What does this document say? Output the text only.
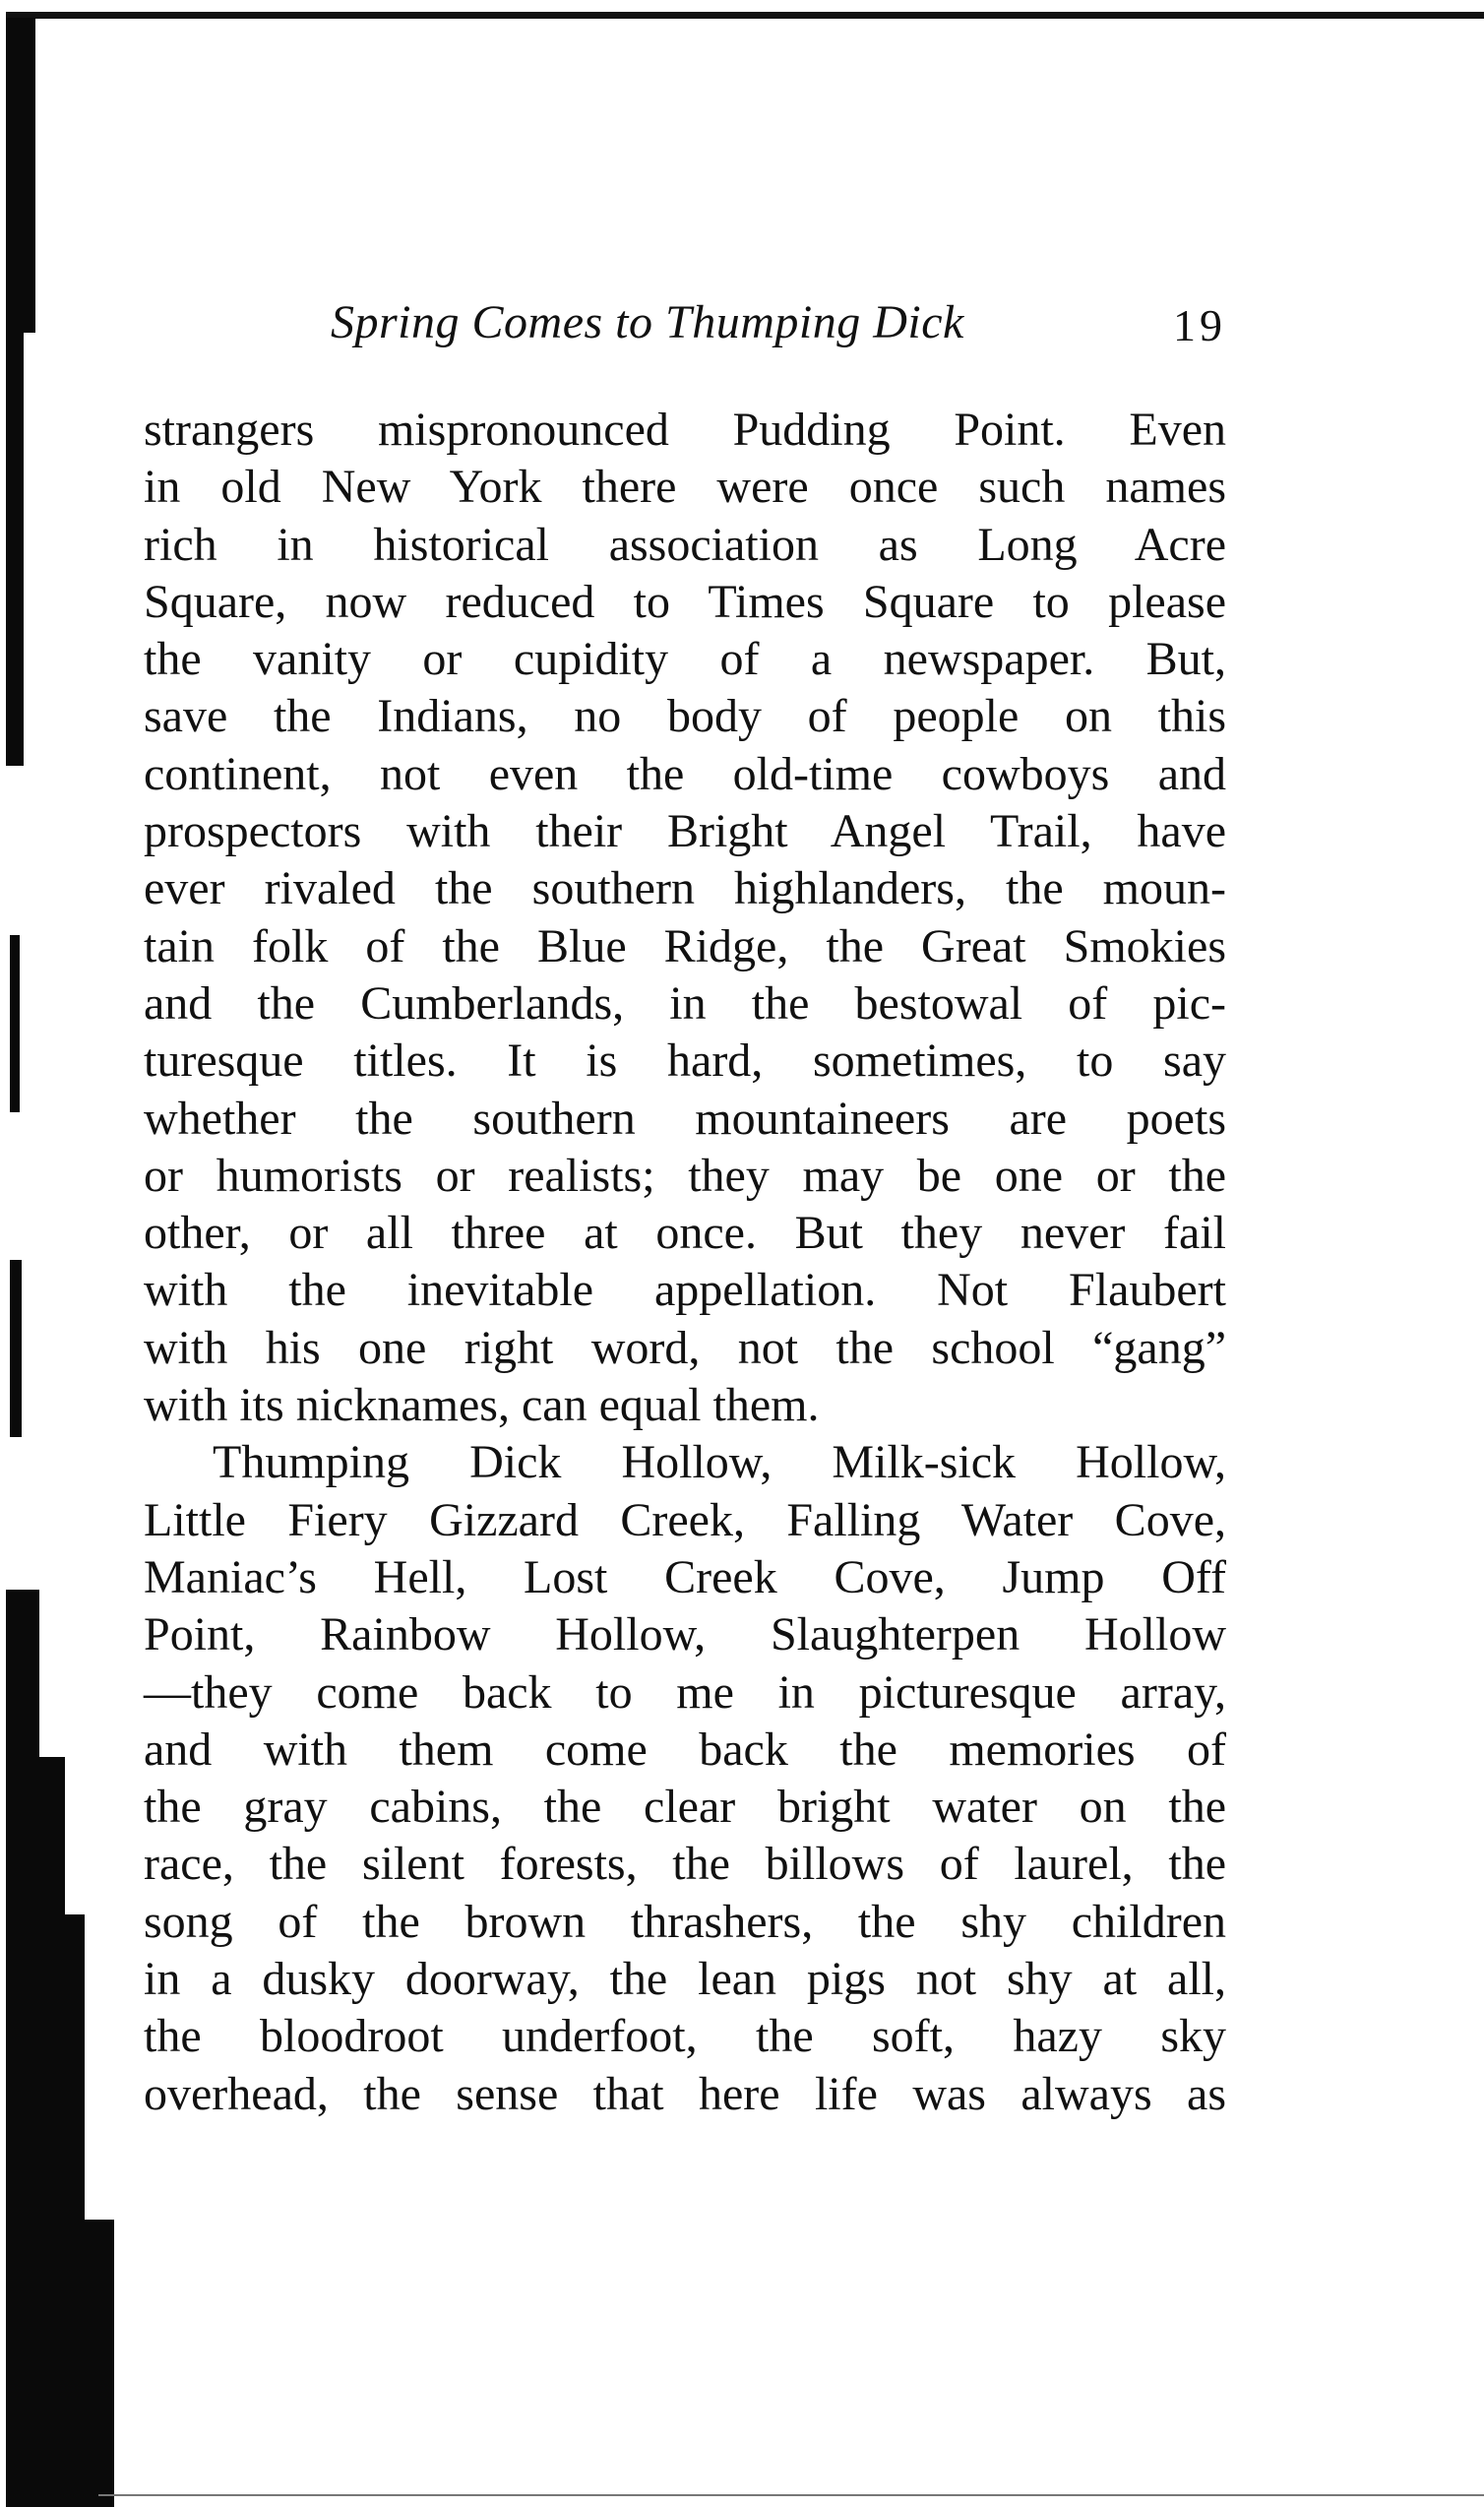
Spring Comes to Thumping Dick	19
strangers mispronounced Pudding Point. Even
in old New York there were once such names
rich in historical association as Long Acre
Square, now reduced to Times Square to please
the vanity or cupidity of a newspaper. But,
save the Indians, no body of people on this
continent, not even the old-time cowboys and
prospectors with their Bright Angel Trail, have
ever rivaled the southern highlanders, the moun-
tain folk of the Blue Ridge, the Great Smokies
and the Cumberlands, in the bestowal of pic-
turesque titles. It is hard, sometimes, to say
whether the southern mountaineers are poets
or humorists or realists; they may be one or the
other, or all three at once. But they never fail
with the inevitable appellation. Not Flaubert
with his one right word, not the school “gang”
with its nicknames, can equal them.
Thumping Dick Hollow, Milk-sick Hollow,
Little Fiery Gizzard Creek, Falling Water Cove,
Maniac’s Hell, Lost Creek Cove, Jump Off
Point, Rainbow Hollow, Slaughterpen Hollow
—they come back to me in picturesque array,
and with them come back the memories of
the gray cabins, the clear bright water on the
race, the silent forests, the billows of laurel, the
song of the brown thrashers, the shy children
in a dusky doorway, the lean pigs not shy at all,
the bloodroot underfoot, the soft, hazy sky
overhead, the sense that here life was always as
